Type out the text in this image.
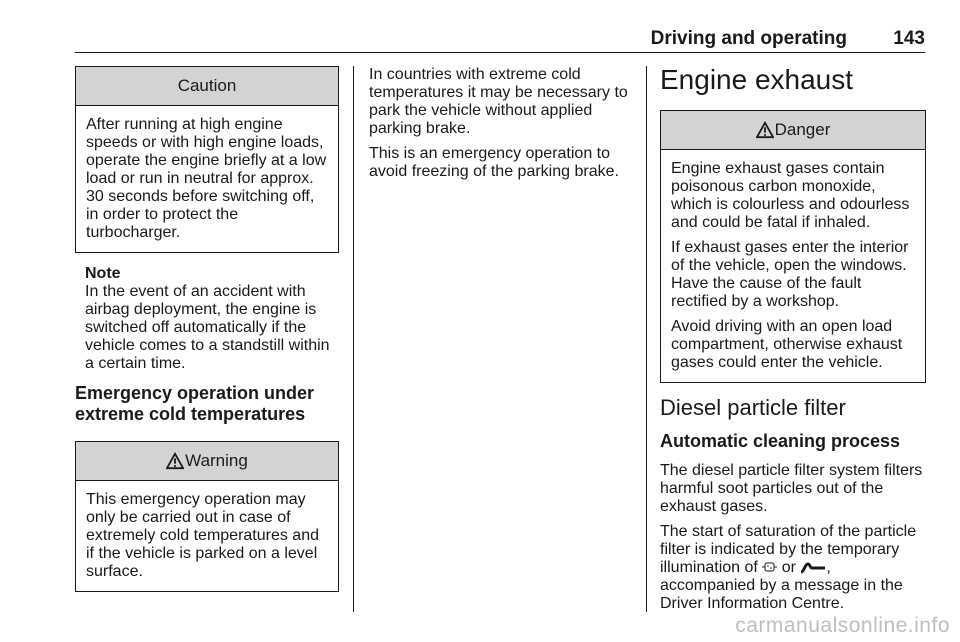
Driving and operating 143
Caution

After running at high engine speeds or with high engine loads, operate the engine briefly at a low load or run in neutral for approx. 30 seconds before switching off, in order to protect the turbocharger.

Note
In the event of an accident with airbag deployment, the engine is switched off automatically if the vehicle comes to a standstill within a certain time.
Emergency operation under extreme cold temperatures
Warning

This emergency operation may only be carried out in case of extremely cold temperatures and if the vehicle is parked on a level surface.

In countries with extreme cold temperatures it may be necessary to park the vehicle without applied parking brake.

This is an emergency operation to avoid freezing of the parking brake.

Engine exhaust
Danger

Engine exhaust gases contain poisonous carbon monoxide, which is colourless and odourless and could be fatal if inhaled.

If exhaust gases enter the interior of the vehicle, open the windows. Have the cause of the fault rectified by a workshop.

Avoid driving with an open load compartment, otherwise exhaust gases could enter the vehicle.

Diesel particle filter
Automatic cleaning process

The diesel particle filter system filters harmful soot particles out of the exhaust gases.

The start of saturation of the particle filter is indicated by the temporary illumination of or , accompanied by a message in the Driver Information Centre.

carmanualsonline.info
